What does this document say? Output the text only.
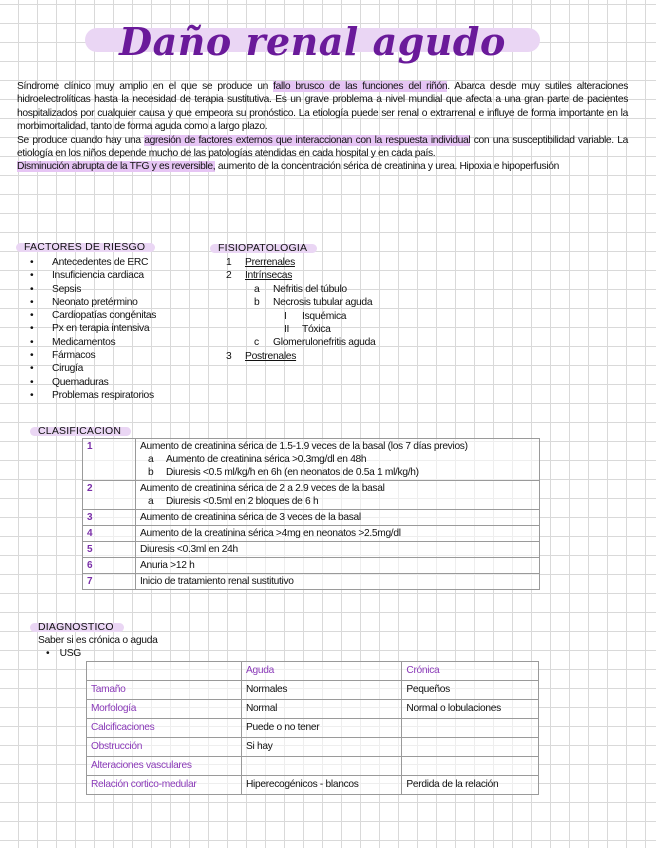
Daño renal agudo

Síndrome clínico muy amplio en el que se produce un fallo brusco de las funciones del riñón. Abarca desde muy sutiles alteraciones hidroelectrolíticas hasta la necesidad de terapia sustitutiva. Es un grave problema a nivel mundial que afecta a una gran parte de pacientes hospitalizados por cualquier causa y que empeora su pronóstico. La etiología puede ser renal o extrarrenal e influye de forma importante en la morbimortalidad, tanto de forma aguda como a largo plazo.

Se produce cuando hay una agresión de factores externos que interaccionan con la respuesta individual con una susceptibilidad variable. La etiología en los niños depende mucho de las patologías atendidas en cada hospital y en cada país.

Disminución abrupta de la TFG y es reversible, aumento de la concentración sérica de creatinina y urea. Hipoxia e hipoperfusión

FACTORES DE RIESGO
• Antecedentes de ERC
• Insuficiencia cardiaca
• Sepsis
• Neonato pretérmino
• Cardiopatías congénitas
• Px en terapia intensiva
• Medicamentos
• Fármacos
• Cirugía
• Quemaduras
• Problemas respiratorios
FISIOPATOLOGIA
1 Prerrenales
2 Intrínsecas
a Nefritis del túbulo
b Necrosis tubular aguda
I Isquémica
II Tóxica
c Glomerulonefritis aguda
3 Postrenales
CLASIFICACION
1	Aumento de creatinina sérica de 1.5-1.9 veces de la basal (los 7 días previos)
a Aumento de creatinina sérica >0.3mg/dl en 48h
b Diuresis <0.5 ml/kg/h en 6h (en neonatos de 0.5a 1 ml/kg/h)

2	Aumento de creatinina sérica de 2 a 2.9 veces de la basal
a Diuresis <0.5ml en 2 bloques de 6 h

3	Aumento de creatinina sérica de 3 veces de la basal
4	Aumento de la creatinina sérica >4mg en neonatos >2.5mg/dl
5	Diuresis <0.3ml en 24h
6	Anuria >12 h
7	Inicio de tratamiento renal sustitutivo
DIAGNOSTICO
Saber si es crónica o aguda
•    USG
	Aguda	Crónica
Tamaño	Normales	Pequeños
Morfología	Normal	Normal o lobulaciones
Calcificaciones	Puede o no tener	
Obstrucción	Si hay	
Alteraciones vasculares		
Relación cortico-medular	Hiperecogénicos - blancos	Perdida de la relación
